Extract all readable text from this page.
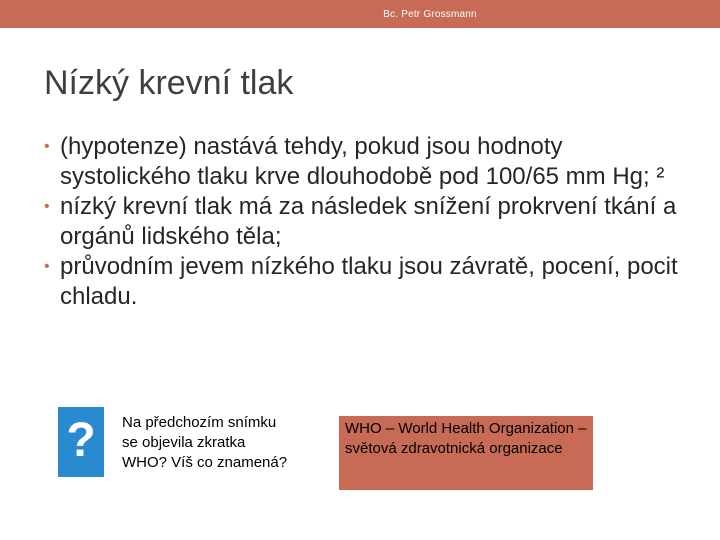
Bc. Petr Grossmann
Nízký krevní tlak
• (hypotenze) nastává tehdy, pokud jsou hodnoty systolického tlaku krve dlouhodobě pod 100/65 mm Hg; ²
• nízký krevní tlak má za následek snížení prokrvení tkání a orgánů lidského těla;
• průvodním jevem nízkého tlaku jsou závratě, pocení, pocit chladu.
?	Na předchozím snímku se objevila zkratka WHO? Víš co znamená?
WHO – World Health Organization – světová zdravotnická organizace
